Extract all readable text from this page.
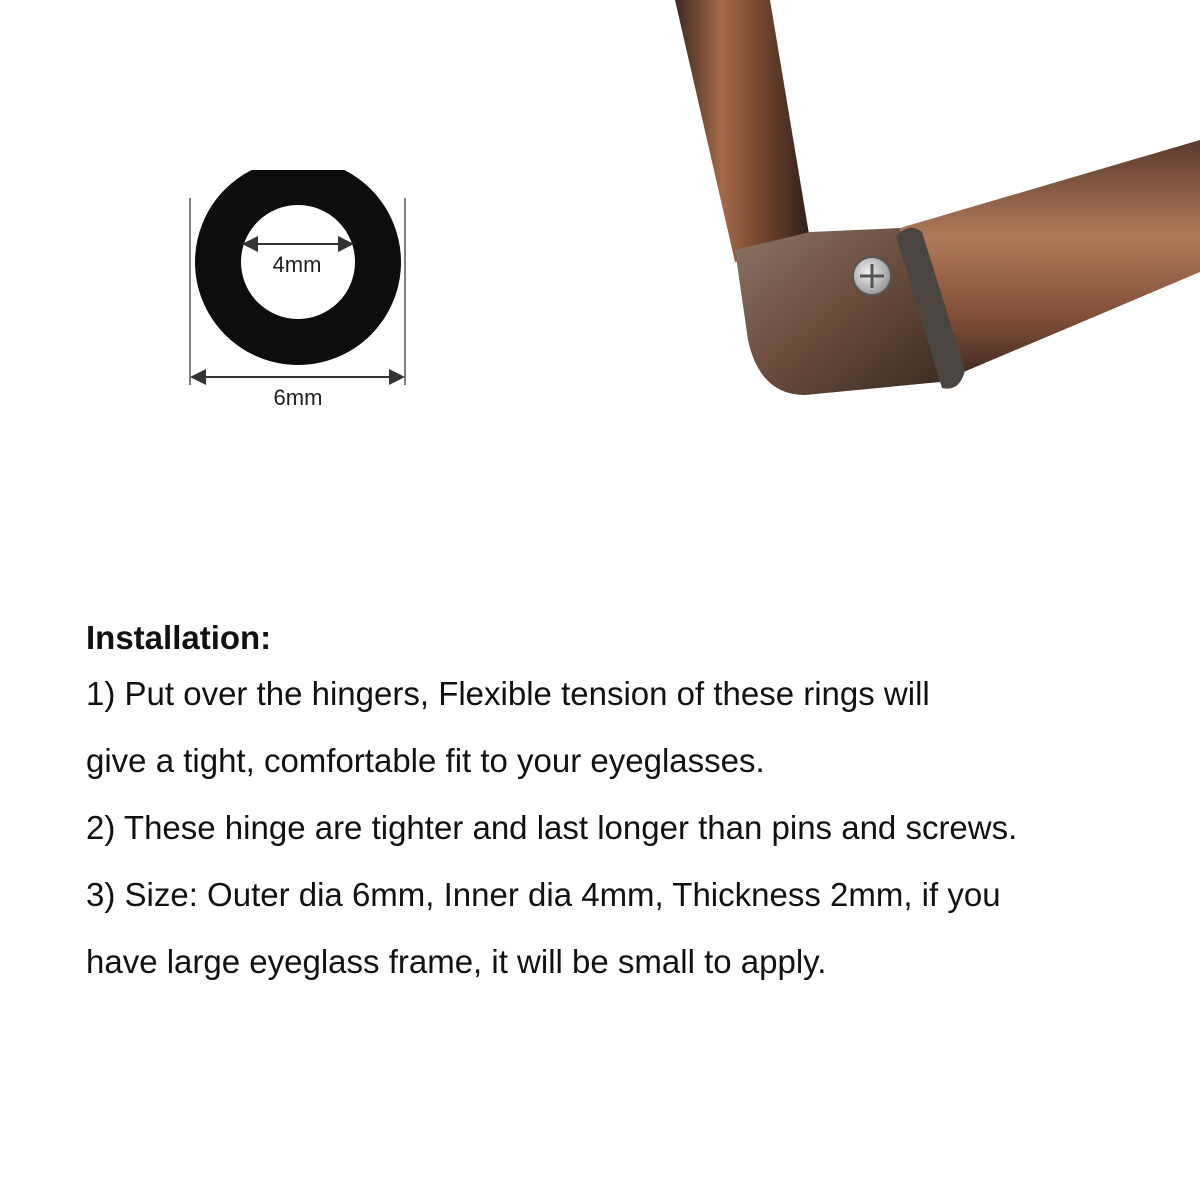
4mm
6mm
Installation:

1) Put over the hingers, Flexible tension of these rings will

give a tight, comfortable fit to your eyeglasses.

2) These hinge are tighter and last longer than pins and screws.

3) Size: Outer dia 6mm, Inner dia 4mm, Thickness 2mm, if you

have large eyeglass frame, it will be small to apply.
